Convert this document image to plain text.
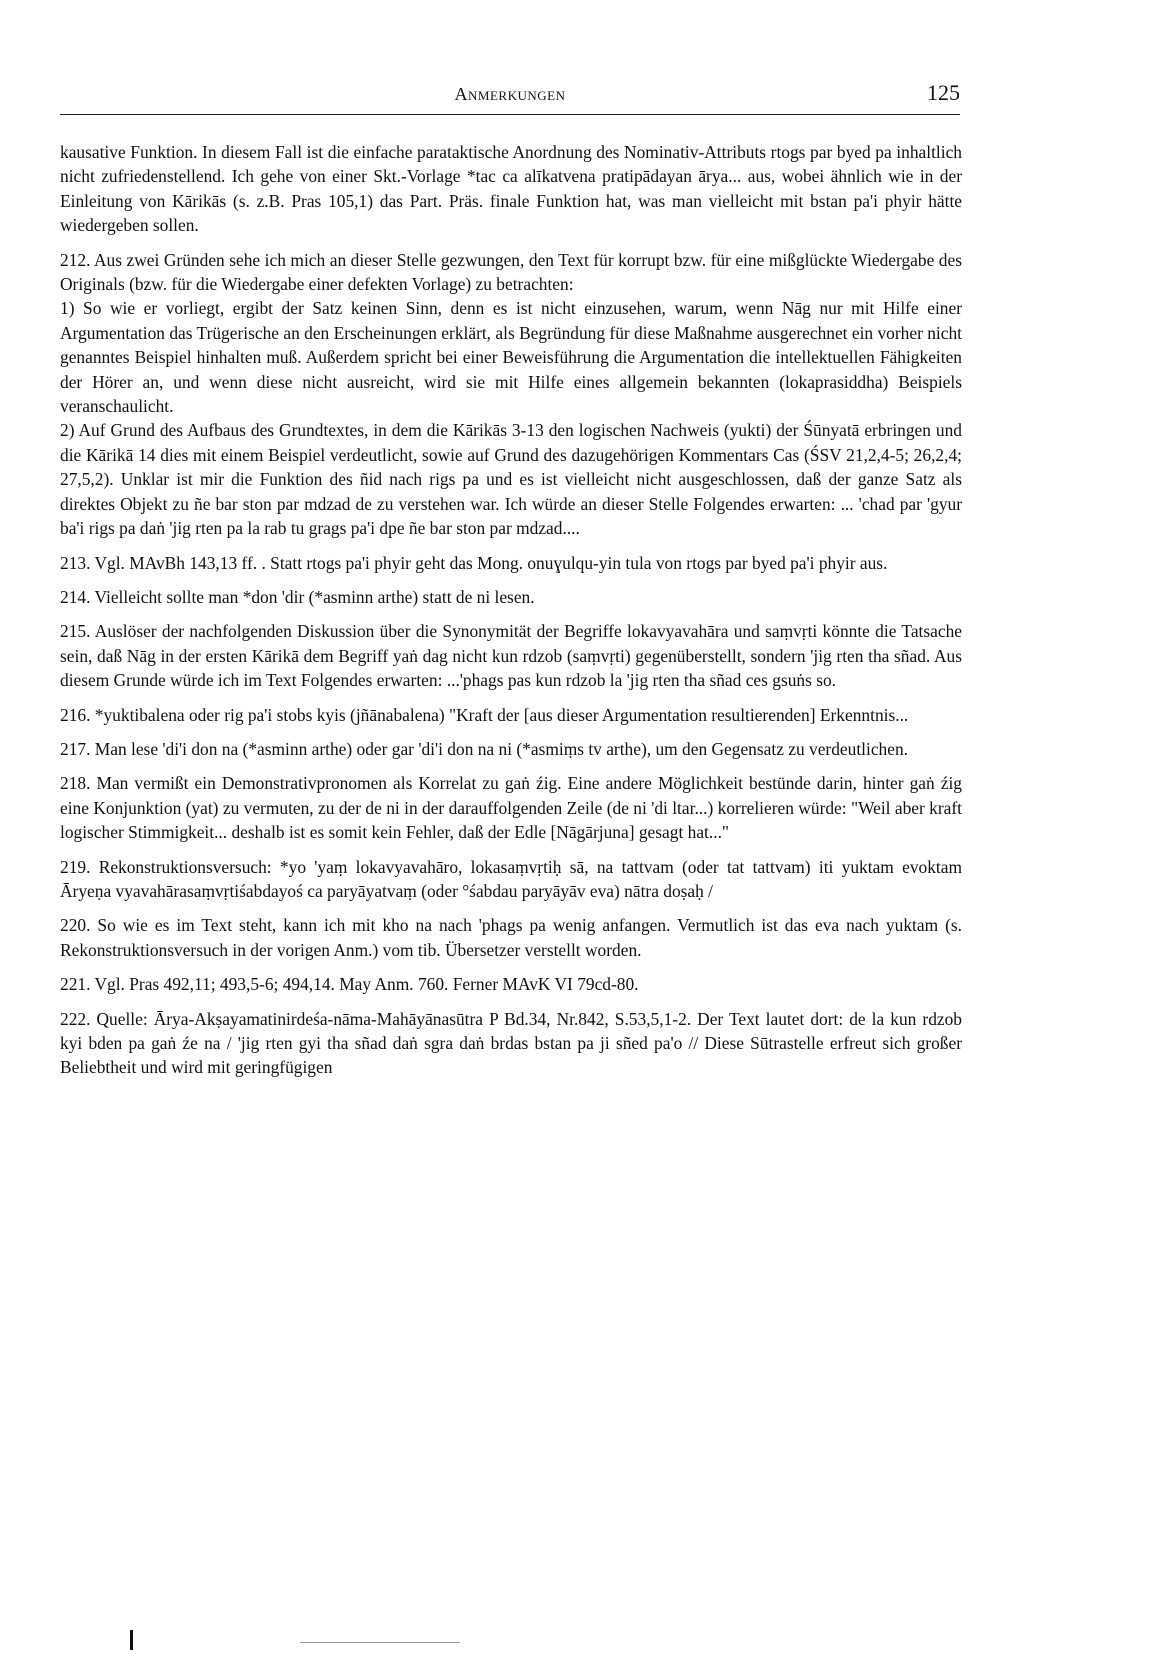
Anmerkungen	125

kausative Funktion. In diesem Fall ist die einfache parataktische Anordnung des Nominativ-Attributs rtogs par byed pa inhaltlich nicht zufriedenstellend. Ich gehe von einer Skt.-Vorlage *tac ca alīkatvena pratipādayan ārya... aus, wobei ähnlich wie in der Einleitung von Kārikās (s. z.B. Pras 105,1) das Part. Präs. finale Funktion hat, was man vielleicht mit bstan pa'i phyir hätte wiedergeben sollen.

212. Aus zwei Gründen sehe ich mich an dieser Stelle gezwungen, den Text für korrupt bzw. für eine mißglückte Wiedergabe des Originals (bzw. für die Wiedergabe einer defekten Vorlage) zu betrachten:

1) So wie er vorliegt, ergibt der Satz keinen Sinn, denn es ist nicht einzusehen, warum, wenn Nāg nur mit Hilfe einer Argumentation das Trügerische an den Erscheinungen erklärt, als Begründung für diese Maßnahme ausgerechnet ein vorher nicht genanntes Beispiel hinhalten muß. Außerdem spricht bei einer Beweisführung die Argumentation die intellektuellen Fähigkeiten der Hörer an, und wenn diese nicht ausreicht, wird sie mit Hilfe eines allgemein bekannten (lokaprasiddha) Beispiels veranschaulicht.

2) Auf Grund des Aufbaus des Grundtextes, in dem die Kārikās 3-13 den logischen Nachweis (yukti) der Śūnyatā erbringen und die Kārikā 14 dies mit einem Beispiel verdeutlicht, sowie auf Grund des dazugehörigen Kommentars Cas (ŚSV 21,2,4-5; 26,2,4; 27,5,2). Unklar ist mir die Funktion des ñid nach rigs pa und es ist vielleicht nicht ausgeschlossen, daß der ganze Satz als direktes Objekt zu ñe bar ston par mdzad de zu verstehen war. Ich würde an dieser Stelle Folgendes erwarten: ... 'chad par 'gyur ba'i rigs pa daṅ 'jig rten pa la rab tu grags pa'i dpe ñe bar ston par mdzad....

213. Vgl. MAvBh 143,13 ff. . Statt rtogs pa'i phyir geht das Mong. onuɣulqu-yin tula von rtogs par byed pa'i phyir aus.

214. Vielleicht sollte man *don 'dir (*asminn arthe) statt de ni lesen.

215. Auslöser der nachfolgenden Diskussion über die Synonymität der Begriffe lokavyavahāra und saṃvṛti könnte die Tatsache sein, daß Nāg in der ersten Kārikā dem Begriff yaṅ dag nicht kun rdzob (saṃvṛti) gegenüberstellt, sondern 'jig rten tha sñad. Aus diesem Grunde würde ich im Text Folgendes erwarten: ...'phags pas kun rdzob la 'jig rten tha sñad ces gsuṅs so.

216. *yuktibalena oder rig pa'i stobs kyis (jñānabalena) "Kraft der [aus dieser Argumentation resultierenden] Erkenntnis...

217. Man lese 'di'i don na (*asminn arthe) oder gar 'di'i don na ni (*asmiṃs tv arthe), um den Gegensatz zu verdeutlichen.

218. Man vermißt ein Demonstrativpronomen als Korrelat zu gaṅ źig. Eine andere Möglichkeit bestünde darin, hinter gaṅ źig eine Konjunktion (yat) zu vermuten, zu der de ni in der darauffolgenden Zeile (de ni 'di ltar...) korrelieren würde: "Weil aber kraft logischer Stimmigkeit... deshalb ist es somit kein Fehler, daß der Edle [Nāgārjuna] gesagt hat..."

219. Rekonstruktionsversuch: *yo 'yaṃ lokavyavahāro, lokasaṃvṛtiḥ sā, na tattvam (oder tat tattvam) iti yuktam evoktam Āryeṇa vyavahārasaṃvṛtiśabdayoś ca paryāyatvaṃ (oder °śabdau paryāyāv eva) nātra doṣaḥ /

220. So wie es im Text steht, kann ich mit kho na nach 'phags pa wenig anfangen. Vermutlich ist das eva nach yuktam (s. Rekonstruktionsversuch in der vorigen Anm.) vom tib. Übersetzer verstellt worden.

221. Vgl. Pras 492,11; 493,5-6; 494,14. May Anm. 760. Ferner MAvK VI 79cd-80.

222. Quelle: Ārya-Akṣayamatinirdeśa-nāma-Mahāyānasūtra P Bd.34, Nr.842, S.53,5,1-2. Der Text lautet dort: de la kun rdzob kyi bden pa gaṅ źe na / 'jig rten gyi tha sñad daṅ sgra daṅ brdas bstan pa ji sñed pa'o // Diese Sūtrastelle erfreut sich großer Beliebtheit und wird mit geringfügigen
